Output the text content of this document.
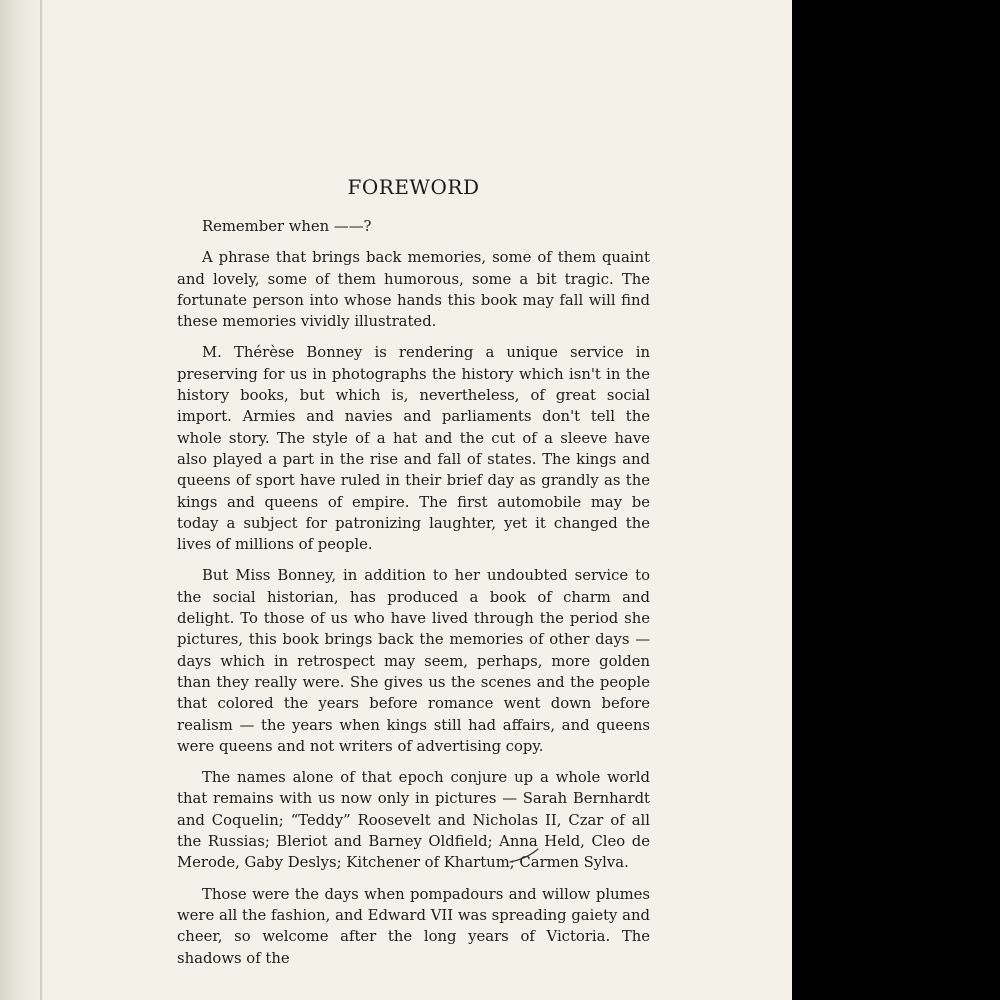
FOREWORD

Remember when ——?

A phrase that brings back memories, some of them quaint and lovely, some of them humorous, some a bit tragic. The fortunate person into whose hands this book may fall will find these memories vividly illustrated.

M. Thérèse Bonney is rendering a unique service in preserving for us in photographs the history which isn't in the history books, but which is, nevertheless, of great social import. Armies and navies and parliaments don't tell the whole story. The style of a hat and the cut of a sleeve have also played a part in the rise and fall of states. The kings and queens of sport have ruled in their brief day as grandly as the kings and queens of empire. The first automobile may be today a subject for patronizing laughter, yet it changed the lives of millions of people.

But Miss Bonney, in addition to her undoubted service to the social historian, has produced a book of charm and delight. To those of us who have lived through the period she pictures, this book brings back the memories of other days — days which in retrospect may seem, perhaps, more golden than they really were. She gives us the scenes and the people that colored the years before romance went down before realism — the years when kings still had affairs, and queens were queens and not writers of advertising copy.

The names alone of that epoch conjure up a whole world that remains with us now only in pictures — Sarah Bernhardt and Coquelin; “Teddy” Roosevelt and Nicholas II, Czar of all the Russias; Bleriot and Barney Oldfield; Anna Held, Cleo de Merode, Gaby Deslys; Kitchener of Khartum; Carmen Sylva.

Those were the days when pompadours and willow plumes were all the fashion, and Edward VII was spreading gaiety and cheer, so welcome after the long years of Victoria. The shadows of the
